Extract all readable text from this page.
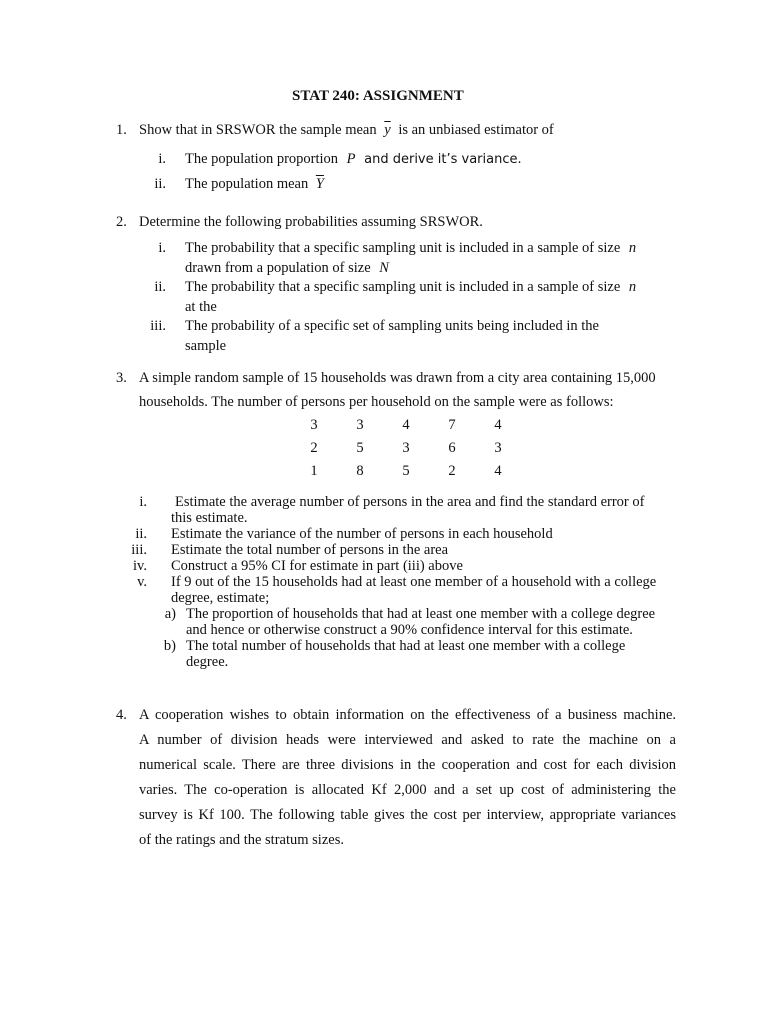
STAT 240: ASSIGNMENT
1. Show that in SRSWOR the sample mean $\overline{y}$ is an unbiased estimator of
i. The population proportion P and derive it’s variance.
ii. The population mean $\overline{Y}$
2. Determine the following probabilities assuming SRSWOR.
i. The probability that a specific sampling unit is included in a sample of size n
drawn from a population of size N
ii. The probability that a specific sampling unit is included in a sample of size n
at the
iii. The probability of a specific set of sampling units being included in the
sample
3. A simple random sample of 15 households was drawn from a city area containing 15,000
households. The number of persons per household on the sample were as follows:
3	3	4	7	4
2	5	3	6	3
1	8	5	2	4
i. Estimate the average number of persons in the area and find the standard error of
this estimate.
ii. Estimate the variance of the number of persons in each household
iii. Estimate the total number of persons in the area
iv. Construct a 95% CI for estimate in part (iii) above
v. If 9 out of the 15 households had at least one member of a household with a college
degree, estimate;
a) The proportion of households that had at least one member with a college degree
and hence or otherwise construct a 90% confidence interval for this estimate.
b) The total number of households that had at least one member with a college
degree.
4. A cooperation wishes to obtain information on the effectiveness of a business machine.
A number of division heads were interviewed and asked to rate the machine on a
numerical scale. There are three divisions in the cooperation and cost for each division
varies. The co-operation is allocated Kf 2,000 and a set up cost of administering the
survey is Kf 100. The following table gives the cost per interview, appropriate variances
of the ratings and the stratum sizes.
